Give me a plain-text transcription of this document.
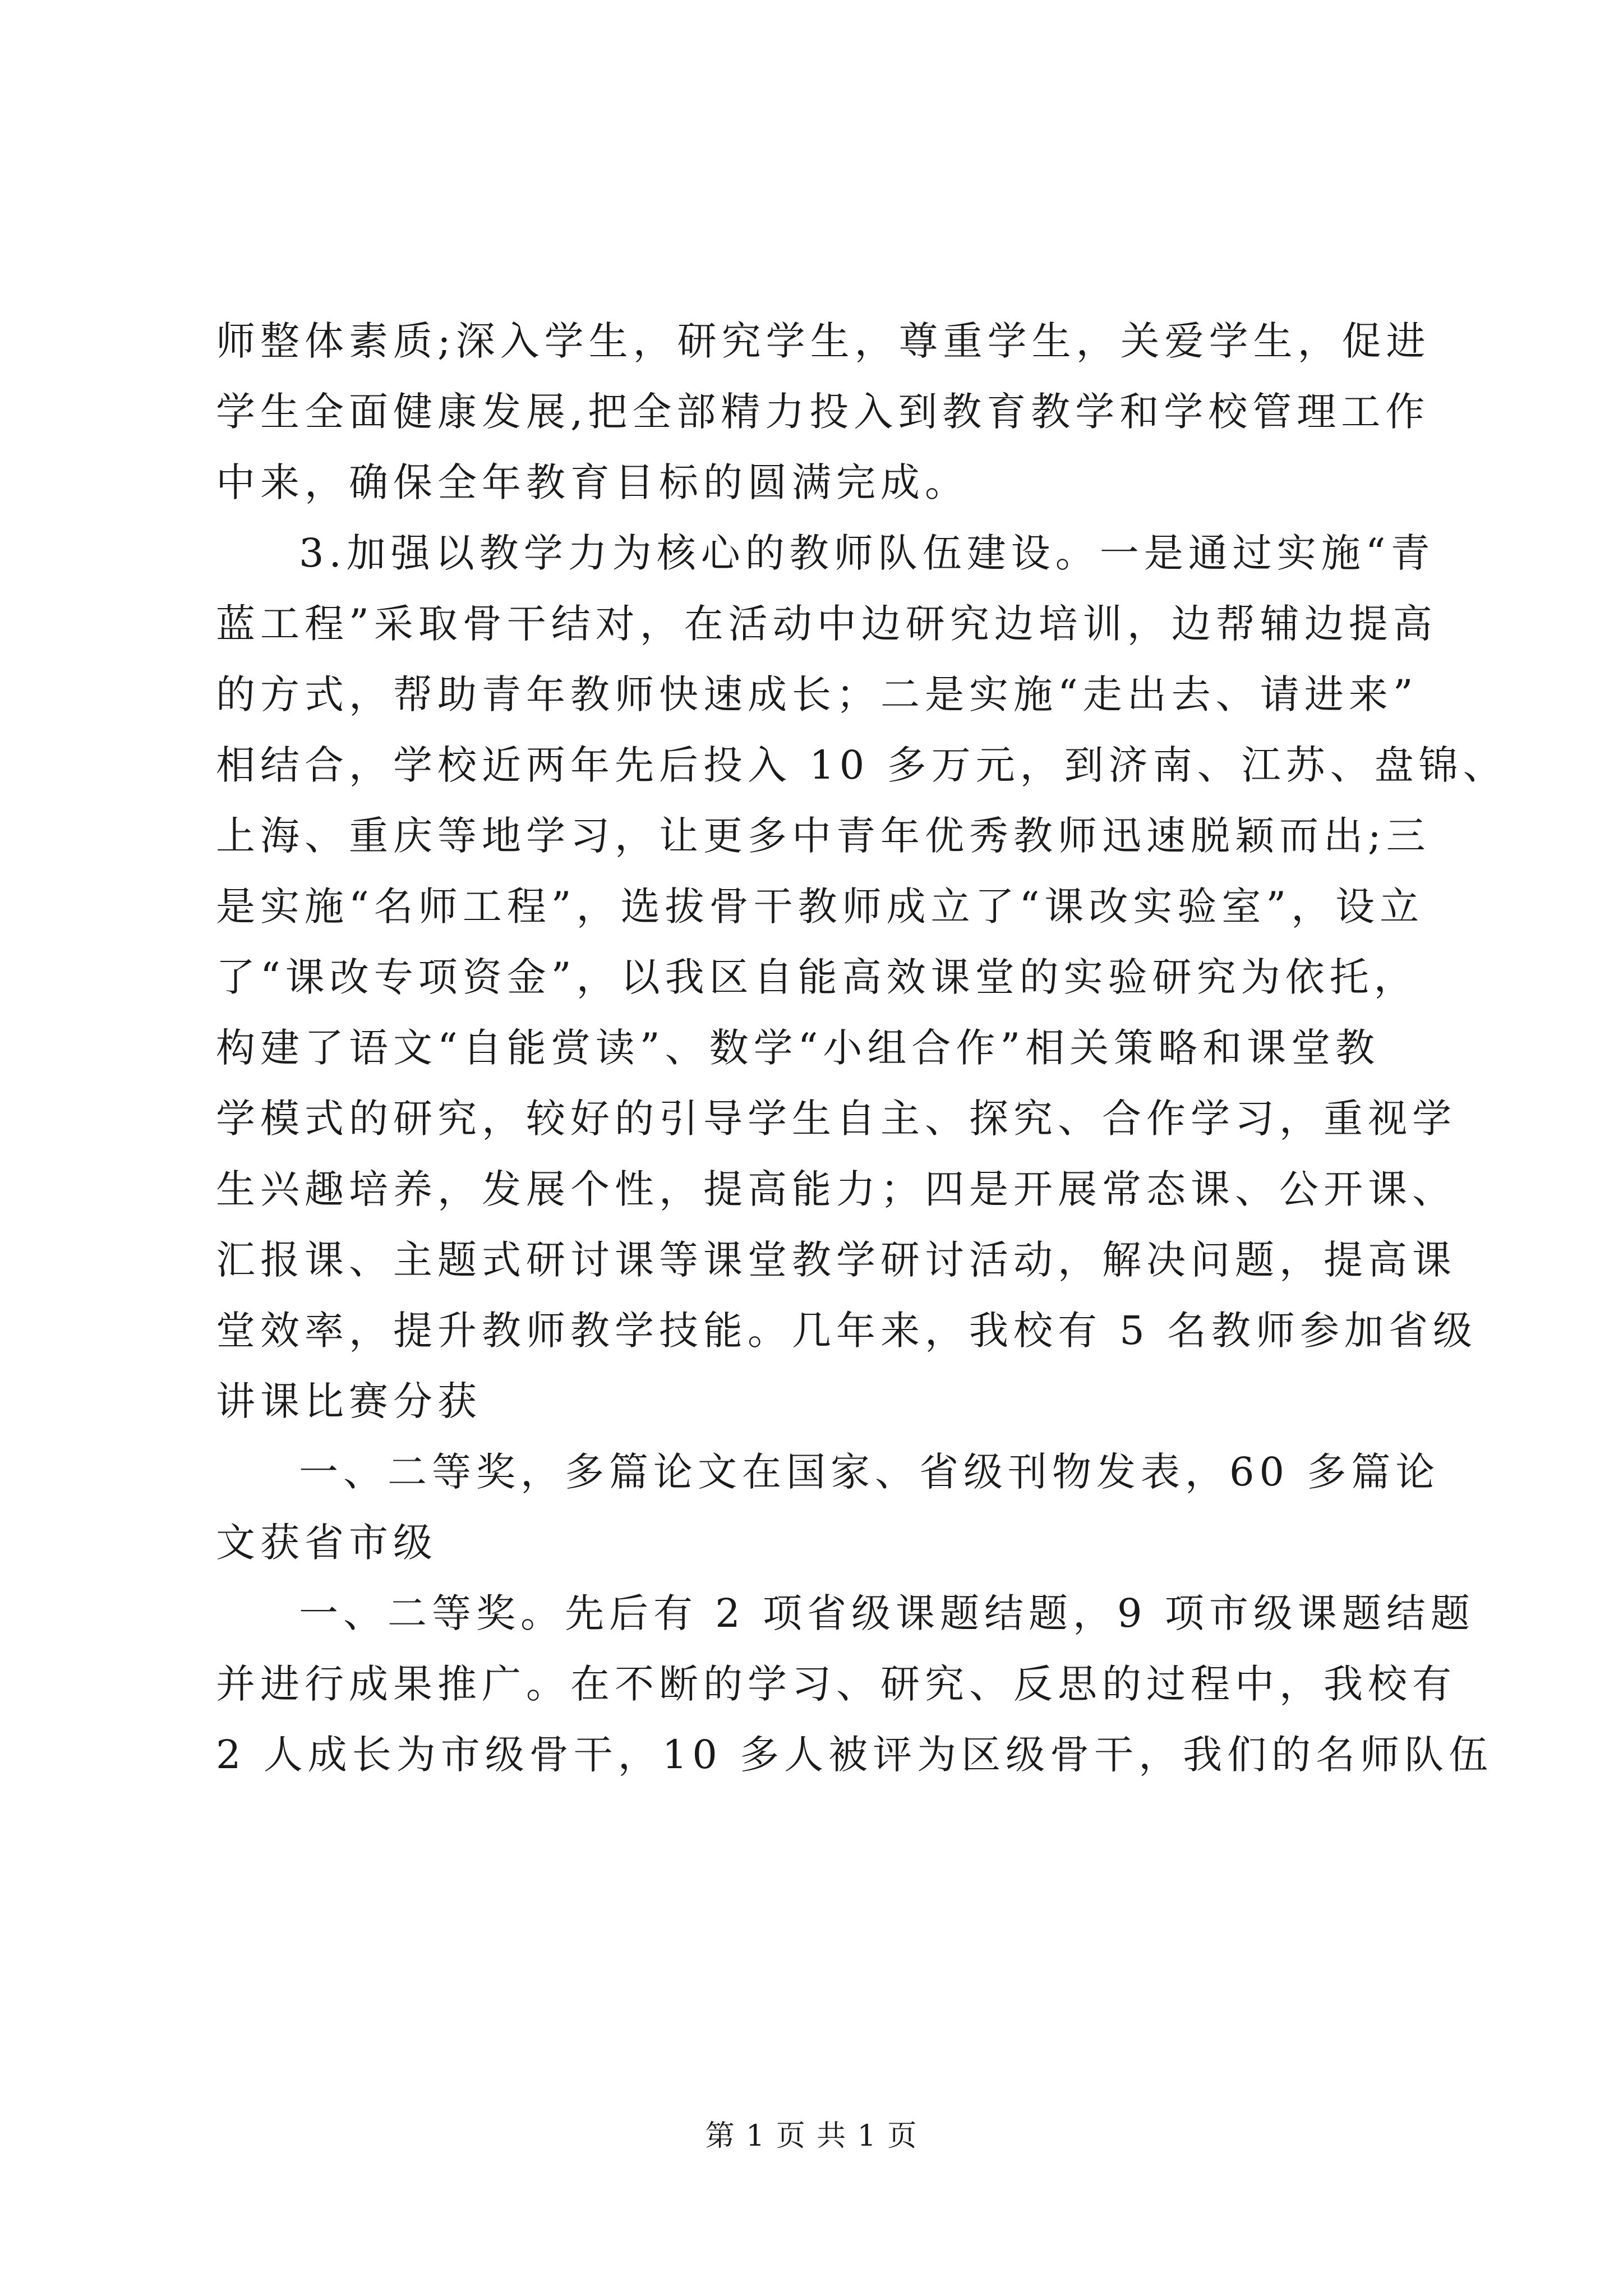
师整体素质;深入学生，研究学生，尊重学生，关爱学生，促进
学生全面健康发展,把全部精力投入到教育教学和学校管理工作
中来，确保全年教育目标的圆满完成。
3.加强以教学力为核心的教师队伍建设。一是通过实施“青
蓝工程”采取骨干结对，在活动中边研究边培训，边帮辅边提高
的方式，帮助青年教师快速成长；二是实施“走出去、请进来”
相结合，学校近两年先后投入 10 多万元，到济南、江苏、盘锦、
上海、重庆等地学习，让更多中青年优秀教师迅速脱颖而出;三
是实施“名师工程”，选拔骨干教师成立了“课改实验室”，设立
了“课改专项资金”，以我区自能高效课堂的实验研究为依托，
构建了语文“自能赏读”、数学“小组合作”相关策略和课堂教
学模式的研究，较好的引导学生自主、探究、合作学习，重视学
生兴趣培养，发展个性，提高能力；四是开展常态课、公开课、
汇报课、主题式研讨课等课堂教学研讨活动，解决问题，提高课
堂效率，提升教师教学技能。几年来，我校有 5 名教师参加省级
讲课比赛分获
一、二等奖，多篇论文在国家、省级刊物发表，60 多篇论
文获省市级
一、二等奖。先后有 2 项省级课题结题，9 项市级课题结题
并进行成果推广。在不断的学习、研究、反思的过程中，我校有
2 人成长为市级骨干，10 多人被评为区级骨干，我们的名师队伍
第 1 页 共 1 页
